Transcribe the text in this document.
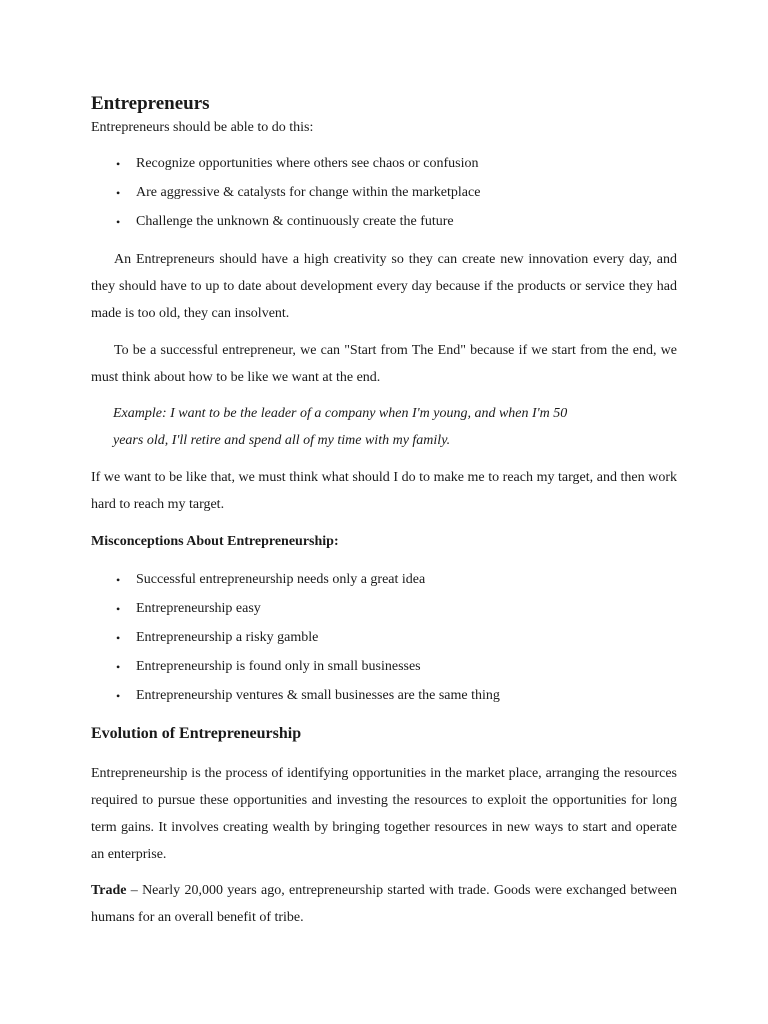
Entrepreneurs

Entrepreneurs should be able to do this:

• Recognize opportunities where others see chaos or confusion
• Are aggressive & catalysts for change within the marketplace
• Challenge the unknown & continuously create the future

An Entrepreneurs should have a high creativity so they can create new innovation every day, and they should have to up to date about development every day because if the products or service they had made is too old, they can insolvent.

To be a successful entrepreneur, we can "Start from The End" because if we start from the end, we must think about how to be like we want at the end.

Example: I want to be the leader of a company when I'm young, and when I'm 50

years old, I'll retire and spend all of my time with my family.

If we want to be like that, we must think what should I do to make me to reach my target, and then work hard to reach my target.

Misconceptions About Entrepreneurship:

• Successful entrepreneurship needs only a great idea
• Entrepreneurship easy
• Entrepreneurship a risky gamble
• Entrepreneurship is found only in small businesses
• Entrepreneurship ventures & small businesses are the same thing
Evolution of Entrepreneurship

Entrepreneurship is the process of identifying opportunities in the market place, arranging the resources required to pursue these opportunities and investing the resources to exploit the opportunities for long term gains. It involves creating wealth by bringing together resources in new ways to start and operate an enterprise.

Trade – Nearly 20,000 years ago, entrepreneurship started with trade. Goods were exchanged between humans for an overall benefit of tribe.
